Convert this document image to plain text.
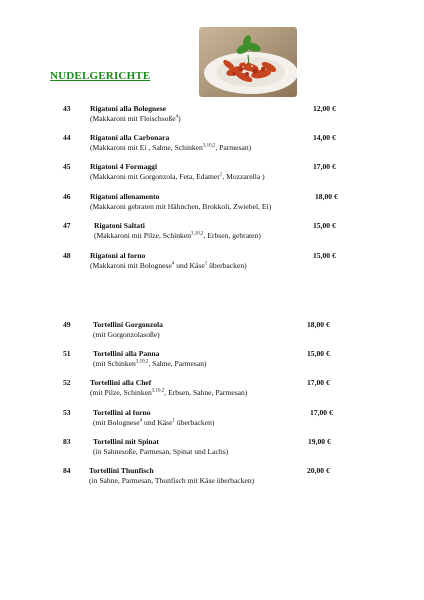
NUDELGERICHTE
43	Rigatoni alla Bolognese
(Makkaroni mit Fleischsoße$^4$)
12,00 €
44	Rigatoni alla Carbonara
(Makkaroni mit Ei , Sahne, Schinken$^{3,10,2}$, Parmesan)
14,00 €
45	Rigatoni 4 Formaggi
(Makkaroni mit Gorgonzola, Feta, Edamer$^1$, Mozzarella )
17,00 €
46	Rigatoni allenamento
(Makkaroni gebraten mit Hähnchen, Brokkoli, Zwiebel, Ei)
18,00 €
47	Rigatoni Saltati
(Makkaroni mit Pilze, Schinken$^{3,10,2}$, Erbsen, gebraten)
15,00 €
48	Rigatoni al forno
(Makkaroni mit Bolognese$^4$ und Käse$^1$ überbacken)
15,00 €
49	Tortellini Gorgonzola
(mit Gorgonzolasoße)
18,00 €
51	Tortellini alla Panna
(mit Schinken$^{3,10,2}$, Sahne, Parmesan)
15,00 €
52	Tortellini alla Chef
(mit Pilze, Schinken$^{3,10,2}$, Erbsen, Sahne, Parmesan)
17,00 €
53	Tortellini al forno
(mit Bolognese$^4$ und Käse$^1$ überbacken)
17,00 €
83	Tortellini mit Spinat
(in Sahnesoße, Parmesan, Spinat und Lachs)
19,00 €
84 Tortellini Thunfisch
(in Sahne, Parmesan, Thunfisch mit Käse überbacken)
20,00 €
